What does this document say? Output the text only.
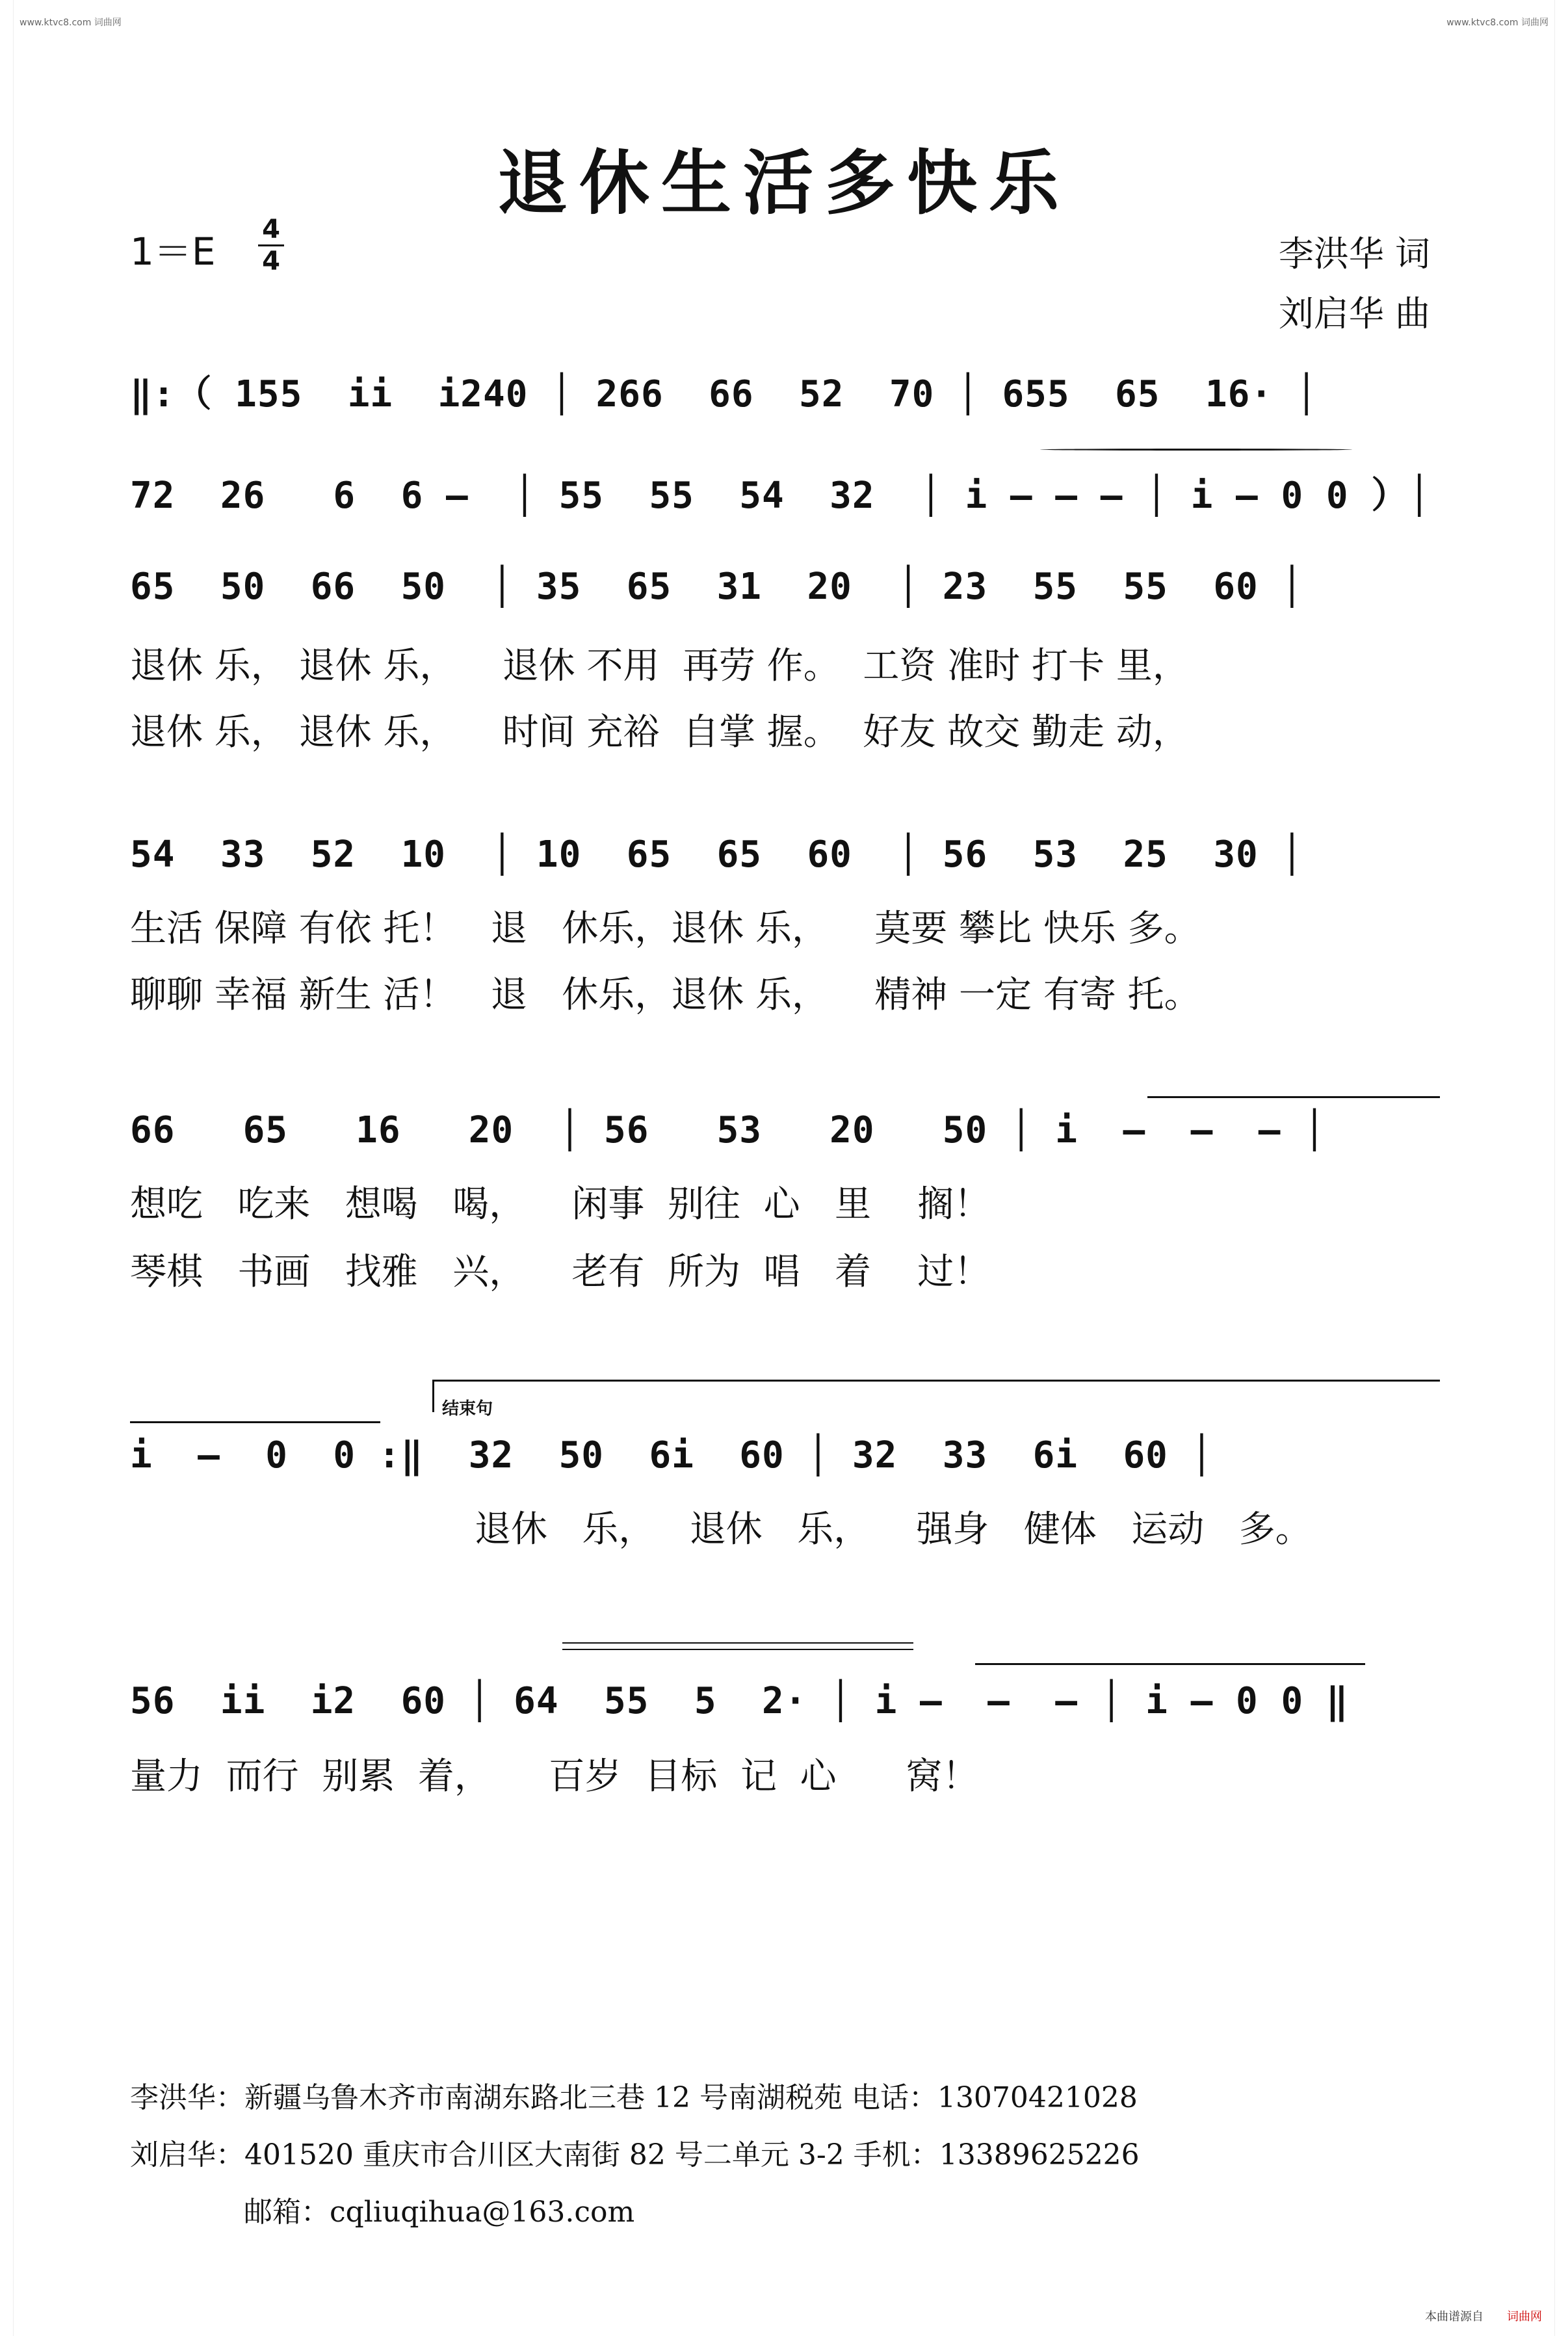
www.ktvc8.com 词曲网	www.ktvc8.com 词曲网
退休生活多快乐
1＝E 4
4	李洪华 词
刘启华 曲
‖:（ 155  ii  i240 │ 266  66  52  70 │ 655  65  16· │
72  26   6  6 –  │ 55  55  54  32  │ i – – – │ i – 0 0 ）│
65  50  66  50  │ 35  65  31  20  │ 23  55  55  60 │
退休 乐， 退休 乐，    退休 不用  再劳 作。  工资 准时 打卡 里，
退休 乐， 退休 乐，    时间 充裕  自掌 握。  好友 故交 勤走 动，
54  33  52  10  │ 10  65  65  60  │ 56  53  25  30 │
生活 保障 有依 托！   退   休乐，退休 乐，    莫要 攀比 快乐 多。
聊聊 幸福 新生 活！   退   休乐，退休 乐，    精神 一定 有寄 托。
66   65   16   20  │ 56   53   20   50 │ i  –  –  – │
想吃   吃来   想喝   喝，    闲事  别往  心   里    搁！
琴棋   书画   找雅   兴，    老有  所为  唱   着    过！
结束句
i  –  0  0 :‖  32  50  6i  60 │ 32  33  6i  60 │
退休   乐，   退休   乐，    强身   健体   运动   多。
56  ii  i2  60 │ 64  55  5  2· │ i –  –  – │ i – 0 0 ‖
量力  而行  别累  着，     百岁  目标  记  心      窝！
李洪华：新疆乌鲁木齐市南湖东路北三巷 12 号南湖税苑 电话：13070421028
刘启华：401520 重庆市合川区大南街 82 号二单元 3-2 手机：13389625226
邮箱：cqliuqihua@163.com
本曲谱源自 词曲网
